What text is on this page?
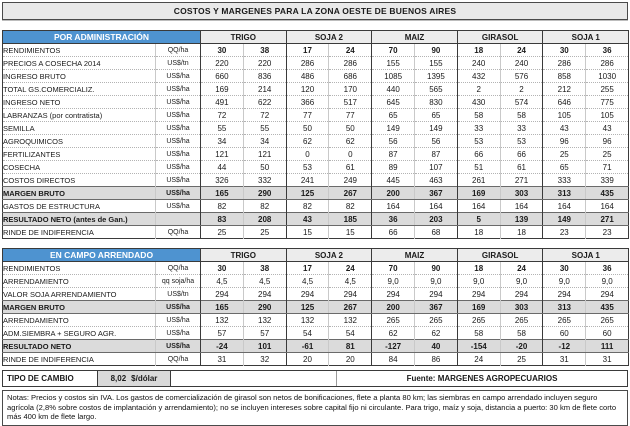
COSTOS Y MARGENES PARA LA ZONA OESTE DE BUENOS AIRES
POR ADMINISTRACIÓN		TRIGO		SOJA 2		MAIZ		GIRASOL		SOJA 1	
RENDIMIENTOS	QQ/ha	30	38	17	24	70	90	18	24	30	36
PRECIOS A COSECHA 2014	US$/tn	220	220	286	286	155	155	240	240	286	286
INGRESO BRUTO	US$/ha	660	836	486	686	1085	1395	432	576	858	1030
TOTAL GS.COMERCIALIZ.	US$/ha	169	214	120	170	440	565	2	2	212	255
INGRESO NETO	US$/ha	491	622	366	517	645	830	430	574	646	775
LABRANZAS (por contratista)	US$/ha	72	72	77	77	65	65	58	58	105	105
SEMILLA	US$/ha	55	55	50	50	149	149	33	33	43	43
AGROQUIMICOS	US$/ha	34	34	62	62	56	56	53	53	96	96
FERTILIZANTES	US$/ha	121	121	0	0	87	87	66	66	25	25
COSECHA	US$/ha	44	50	53	61	89	107	51	61	65	71
COSTOS DIRECTOS	US$/ha	326	332	241	249	445	463	261	271	333	339
MARGEN BRUTO	US$/ha	165	290	125	267	200	367	169	303	313	435
GASTOS DE ESTRUCTURA	US$/ha	82	82	82	82	164	164	164	164	164	164
RESULTADO NETO (antes de Gan.)		83	208	43	185	36	203	5	139	149	271
RINDE DE INDIFERENCIA	QQ/ha	25	25	15	15	66	68	18	18	23	23
EN CAMPO ARRENDADO		TRIGO		SOJA 2		MAIZ		GIRASOL		SOJA 1	
RENDIMIENTOS	QQ/ha	30	38	17	24	70	90	18	24	30	36
ARRENDAMIENTO	qq soja/ha	4,5	4,5	4,5	4,5	9,0	9,0	9,0	9,0	9,0	9,0
VALOR SOJA ARRENDAMIENTO	US$/tn	294	294	294	294	294	294	294	294	294	294
MARGEN BRUTO	US$/ha	165	290	125	267	200	367	169	303	313	435
ARRENDAMIENTO	US$/ha	132	132	132	132	265	265	265	265	265	265
ADM.SIEMBRA + SEGURO AGR.	US$/ha	57	57	54	54	62	62	58	58	60	60
RESULTADO NETO	US$/ha	-24	101	-61	81	-127	40	-154	-20	-12	111
RINDE DE INDIFERENCIA	QQ/ha	31	32	20	20	84	86	24	25	31	31
TIPO DE CAMBIO	8,02 $/dólar	Fuente: MARGENES AGROPECUARIOS
Notas: Precios y costos sin IVA. Los gastos de comercialización de girasol son netos de bonificaciones, flete a planta 80 km; las siembras en campo arrendado incluyen seguro agrícola (2,8% sobre costos de implantación y arrendamiento); no se incluyen intereses sobre capital fijo ni circulante. Para trigo, maíz y soja, distancia a puerto: 30 km de flete corto más 400 km de flete largo.
